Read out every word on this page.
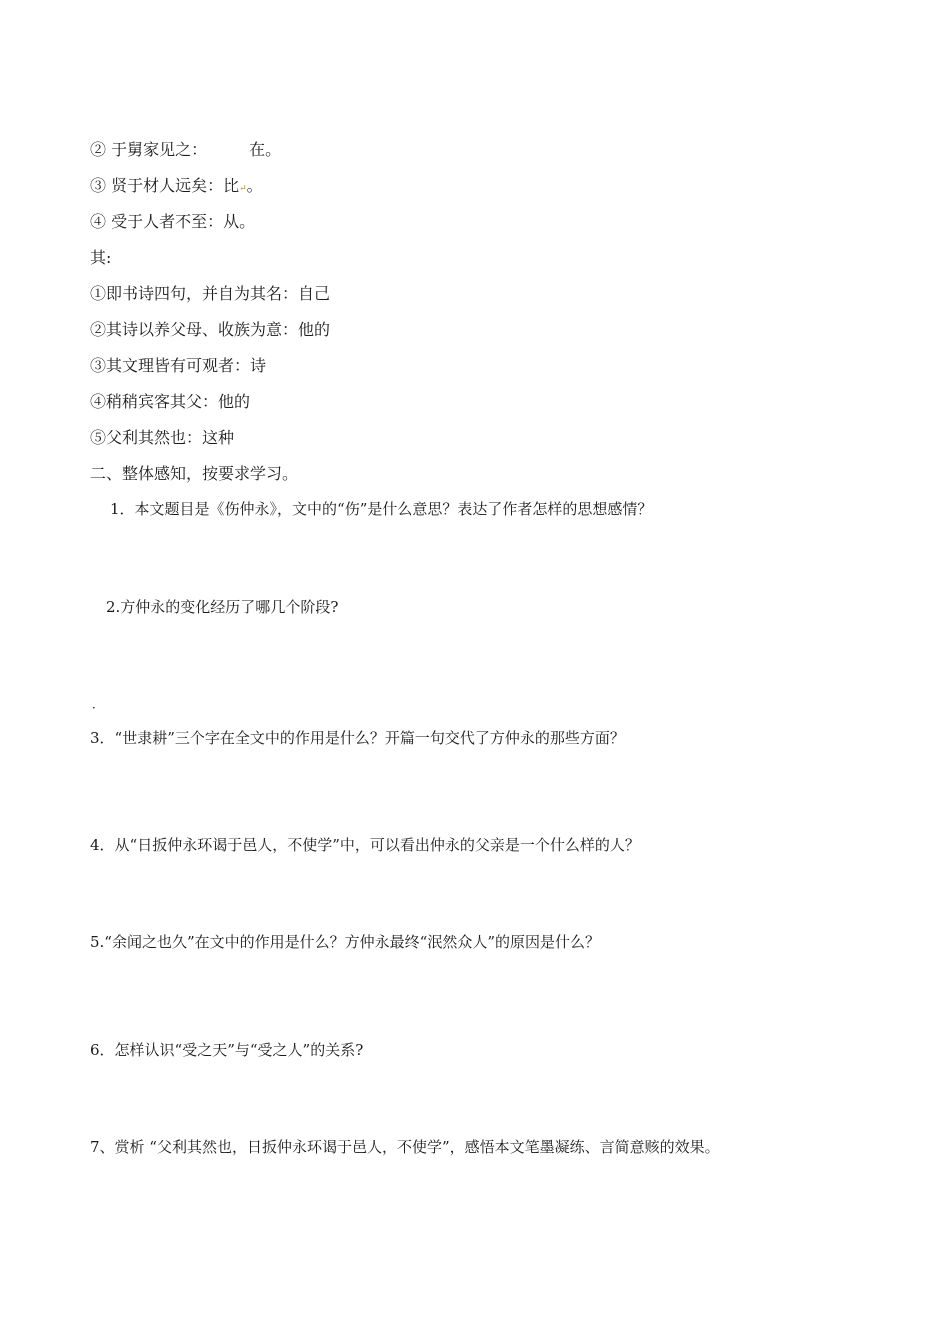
② 于舅家见之：	在。
③ 贤于材人远矣：比↵。
④ 受于人者不至：从。
其:
①即书诗四句，并自为其名：自己
②其诗以养父母、收族为意：他的
③其文理皆有可观者：诗
④稍稍宾客其父：他的
⑤父利其然也：这种
二、整体感知，按要求学习。
1．本文题目是《伤仲永》，文中的“伤”是什么意思？表达了作者怎样的思想感情？
2.方仲永的变化经历了哪几个阶段?
．
3．“世隶耕”三个字在全文中的作用是什么？开篇一句交代了方仲永的那些方面？
4．从“日扳仲永环谒于邑人，不使学”中，可以看出仲永的父亲是一个什么样的人？
5.“余闻之也久”在文中的作用是什么？方仲永最终“泯然众人”的原因是什么？
6．怎样认识“受之天”与“受之人”的关系?
7、赏析 “父利其然也，日扳仲永环谒于邑人，不使学”，感悟本文笔墨凝练、言简意赅的效果。
